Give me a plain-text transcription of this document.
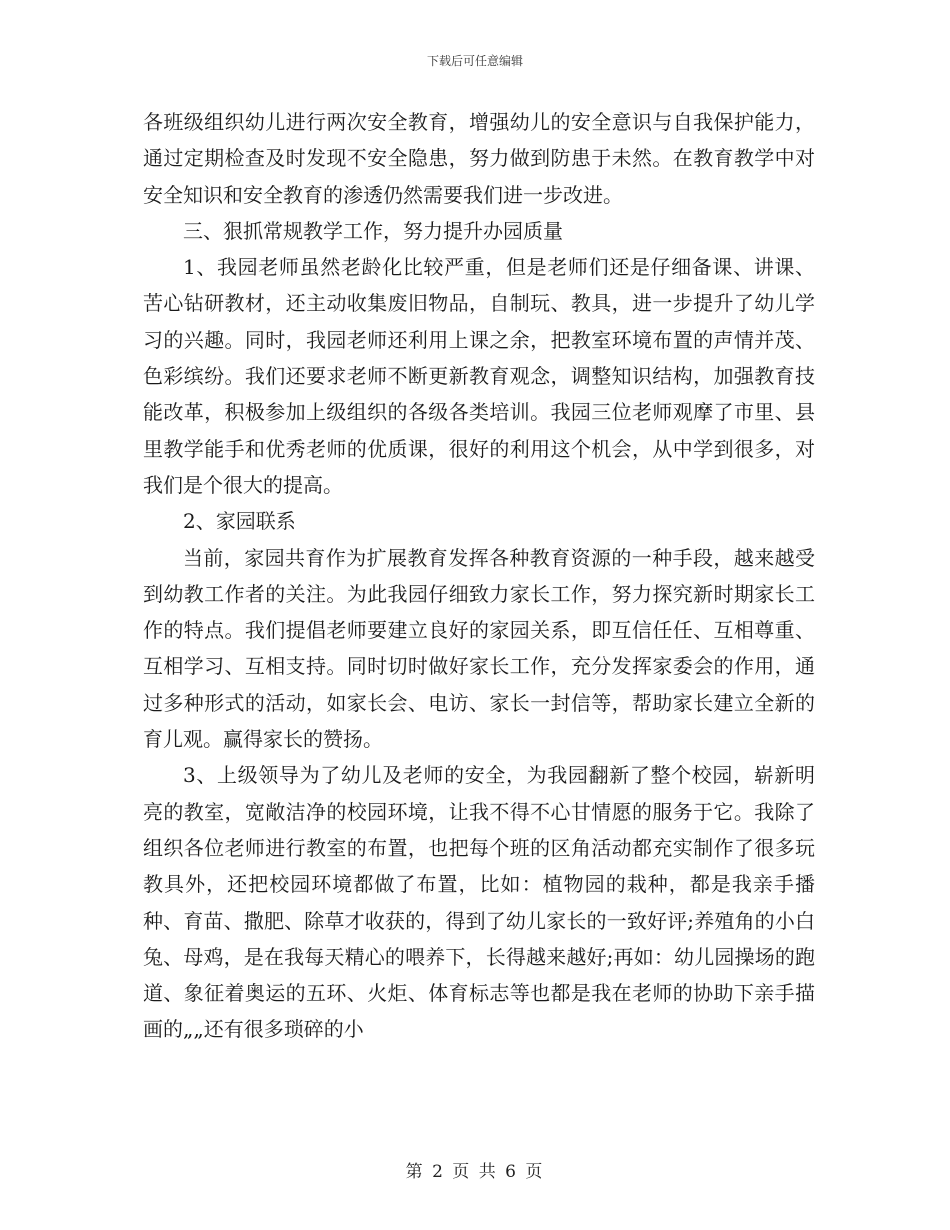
下载后可任意编辑

各班级组织幼儿进行两次安全教育，增强幼儿的安全意识与自我保护能力，通过定期检查及时发现不安全隐患，努力做到防患于未然。在教育教学中对安全知识和安全教育的渗透仍然需要我们进一步改进。

三、狠抓常规教学工作，努力提升办园质量

1、我园老师虽然老龄化比较严重，但是老师们还是仔细备课、讲课、苦心钻研教材，还主动收集废旧物品，自制玩、教具，进一步提升了幼儿学习的兴趣。同时，我园老师还利用上课之余，把教室环境布置的声情并茂、色彩缤纷。我们还要求老师不断更新教育观念，调整知识结构，加强教育技能改革，积极参加上级组织的各级各类培训。我园三位老师观摩了市里、县里教学能手和优秀老师的优质课，很好的利用这个机会，从中学到很多，对我们是个很大的提高。

2、家园联系

当前，家园共育作为扩展教育发挥各种教育资源的一种手段，越来越受到幼教工作者的关注。为此我园仔细致力家长工作，努力探究新时期家长工作的特点。我们提倡老师要建立良好的家园关系，即互信任任、互相尊重、互相学习、互相支持。同时切时做好家长工作，充分发挥家委会的作用，通过多种形式的活动，如家长会、电访、家长一封信等，帮助家长建立全新的育儿观。赢得家长的赞扬。

3、上级领导为了幼儿及老师的安全，为我园翻新了整个校园，崭新明亮的教室，宽敞洁净的校园环境，让我不得不心甘情愿的服务于它。我除了组织各位老师进行教室的布置，也把每个班的区角活动都充实制作了很多玩教具外，还把校园环境都做了布置，比如：植物园的栽种，都是我亲手播种、育苗、撒肥、除草才收获的，得到了幼儿家长的一致好评;养殖角的小白兔、母鸡，是在我每天精心的喂养下，长得越来越好;再如：幼儿园操场的跑道、象征着奥运的五环、火炬、体育标志等也都是我在老师的协助下亲手描画的„„还有很多琐碎的小

第 2 页 共 6 页
